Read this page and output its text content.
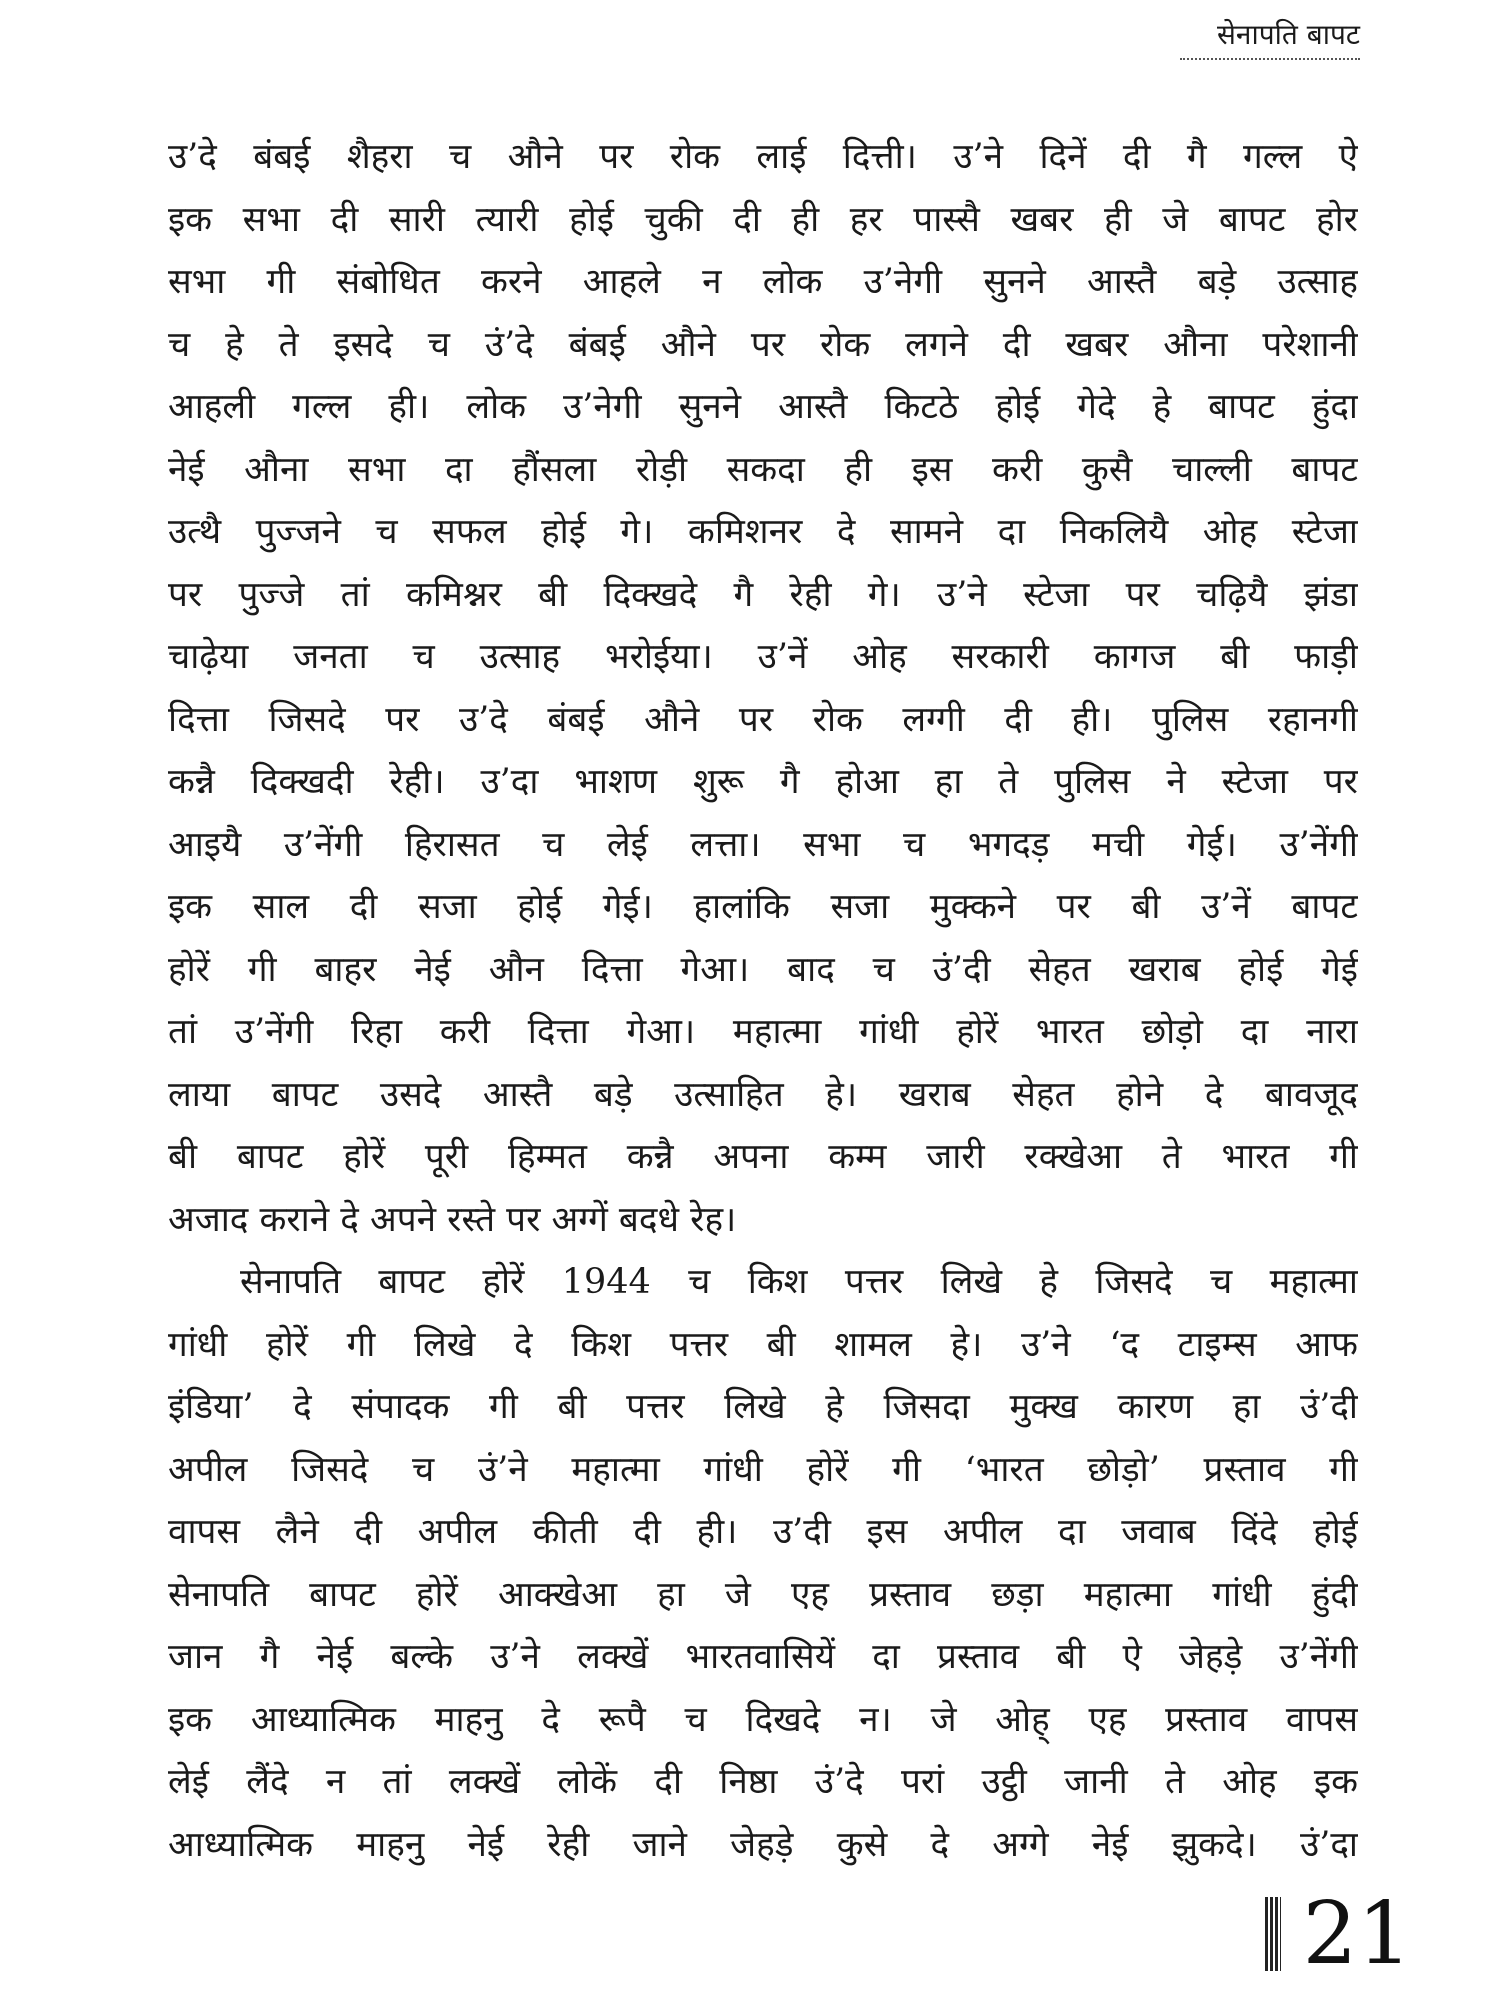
सेनापति बापट
उ’दे बंबई शैहरा च औने पर रोक लाई दित्ती। उ’ने दिनें दी गै गल्ल ऐ
इक सभा दी सारी त्यारी होई चुकी दी ही हर पास्सै खबर ही जे बापट होर
सभा गी संबोधित करने आहले न लोक उ’नेगी सुनने आस्तै बड़े उत्साह
च हे ते इसदे च उं’दे बंबई औने पर रोक लगने दी खबर औना परेशानी
आहली गल्ल ही। लोक उ’नेगी सुनने आस्तै किटठे होई गेदे हे बापट हुंदा
नेई औना सभा दा हौंसला रोड़ी सकदा ही इस करी कुसै चाल्ली बापट
उत्थै पुज्जने च सफल होई गे। कमिशनर दे सामने दा निकलियै ओह स्टेजा
पर पुज्जे तां कमिश्नर बी दिक्खदे गै रेही गे। उ’ने स्टेजा पर चढ़ियै झंडा
चाढ़ेया जनता च उत्साह भरोईया। उ’नें ओह सरकारी कागज बी फाड़ी
दित्ता जिसदे पर उ’दे बंबई औने पर रोक लग्गी दी ही। पुलिस रहानगी
कन्नै दिक्खदी रेही। उ’दा भाशण शुरू गै होआ हा ते पुलिस ने स्टेजा पर
आइयै उ’नेंगी हिरासत च लेई लत्ता। सभा च भगदड़ मची गेई। उ’नेंगी
इक साल दी सजा होई गेई। हालांकि सजा मुक्कने पर बी उ’नें बापट
होरें गी बाहर नेई औन दित्ता गेआ। बाद च उं’दी सेहत खराब होई गेई
तां उ’नेंगी रिहा करी दित्ता गेआ। महात्मा गांधी होरें भारत छोड़ो दा नारा
लाया बापट उसदे आस्तै बड़े उत्साहित हे। खराब सेहत होने दे बावजूद
बी बापट होरें पूरी हिम्मत कन्नै अपना कम्म जारी रक्खेआ ते भारत गी
अजाद कराने दे अपने रस्ते पर अग्गें बदधे रेह।
सेनापति बापट होरें 1944 च किश पत्तर लिखे हे जिसदे च महात्मा
गांधी होरें गी लिखे दे किश पत्तर बी शामल हे। उ’ने ‘द टाइम्स आफ
इंडिया’ दे संपादक गी बी पत्तर लिखे हे जिसदा मुक्ख कारण हा उं’दी
अपील जिसदे च उं’ने महात्मा गांधी होरें गी ‘भारत छोड़ो’ प्रस्ताव गी
वापस लैने दी अपील कीती दी ही। उ’दी इस अपील दा जवाब दिंदे होई
सेनापति बापट होरें आक्खेआ हा जे एह प्रस्ताव छड़ा महात्मा गांधी हुंदी
जान गै नेई बल्के उ’ने लक्खें भारतवासियें दा प्रस्ताव बी ऐ जेहड़े उ’नेंगी
इक आध्यात्मिक माहनु दे रूपै च दिखदे न। जे ओह् एह प्रस्ताव वापस
लेई लैंदे न तां लक्खें लोकें दी निष्ठा उं’दे परां उट्ठी जानी ते ओह इक
आध्यात्मिक माहनु नेई रेही जाने जेहड़े कुसे दे अग्गे नेई झुकदे। उं’दा
21
